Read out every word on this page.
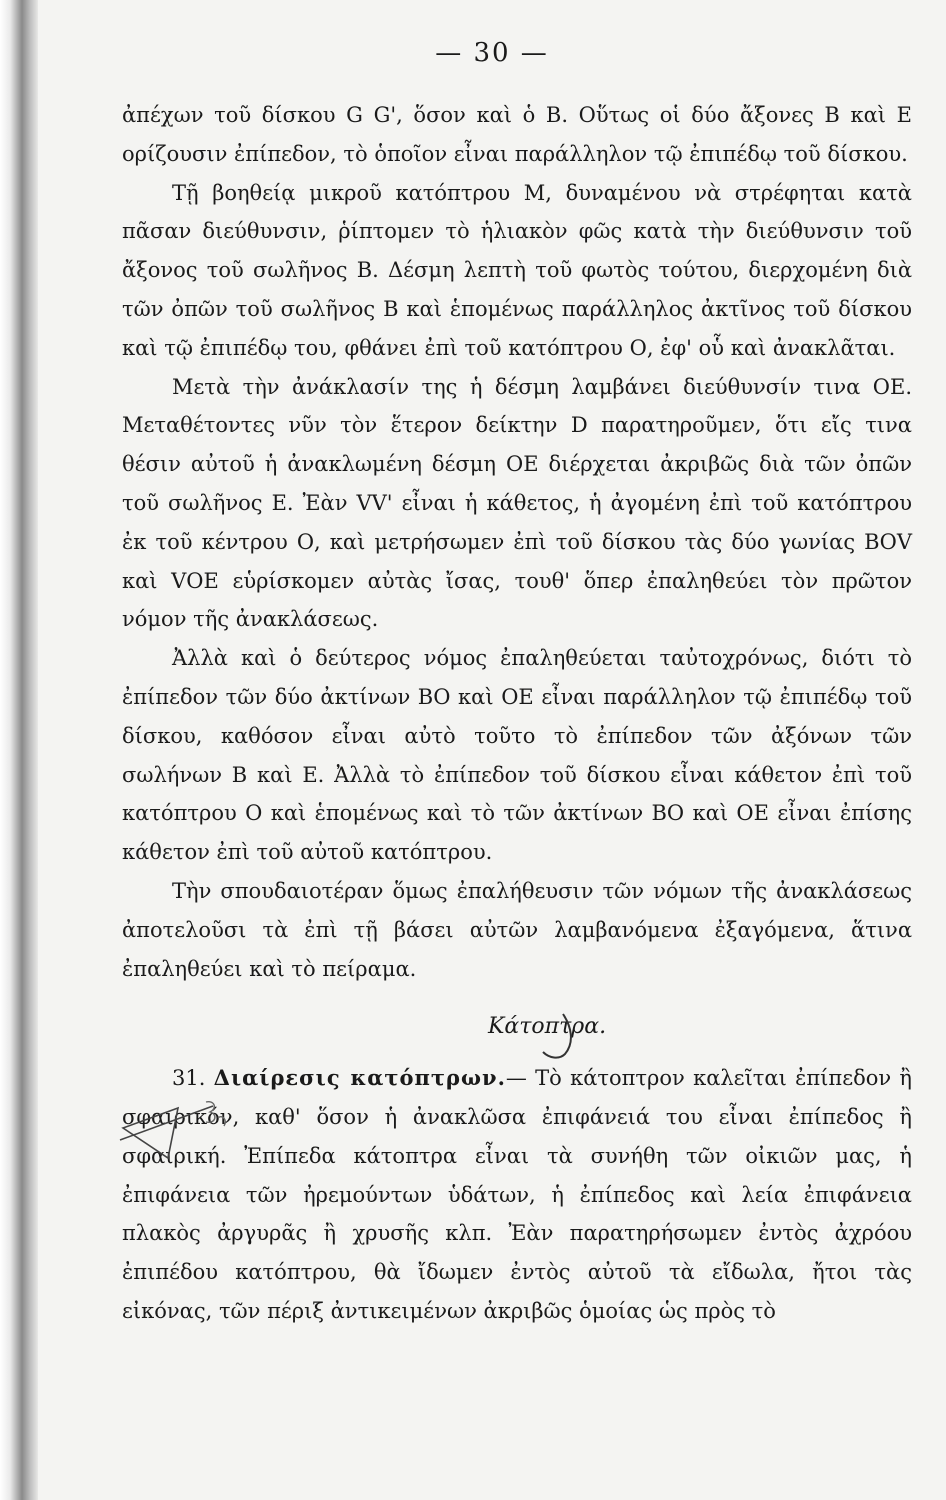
— 30 —

ἀπέχων τοῦ δίσκου G G', ὅσον καὶ ὁ Β. Οὕτως οἱ δύο ἄξονες Β καὶ Ε ορίζουσιν ἐπίπεδον, τὸ ὁποῖον εἶναι παράλληλον τῷ ἐπιπέδῳ τοῦ δίσκου.

Τῇ βοηθείᾳ μικροῦ κατόπτρου Μ, δυναμένου νὰ στρέφηται κατὰ πᾶσαν διεύθυνσιν, ῥίπτομεν τὸ ἡλιακὸν φῶς κατὰ τὴν διεύθυνσιν τοῦ ἄξονος τοῦ σωλῆνος Β. Δέσμη λεπτὴ τοῦ φωτὸς τούτου, διερχομένη διὰ τῶν ὀπῶν τοῦ σωλῆνος Β καὶ ἑπομένως παράλληλος ἀκτῖνος τοῦ δίσκου καὶ τῷ ἐπιπέδῳ του, φθάνει ἐπὶ τοῦ κατόπτρου Ο, ἐφ' οὗ καὶ ἀνακλᾶται.

Μετὰ τὴν ἀνάκλασίν της ἡ δέσμη λαμβάνει διεύθυνσίν τινα ΟΕ. Μεταθέτοντες νῦν τὸν ἕτερον δείκτην D παρατηροῦμεν, ὅτι εἴς τινα θέσιν αὐτοῦ ἡ ἀνακλωμένη δέσμη ΟΕ διέρχεται ἀκριβῶς διὰ τῶν ὀπῶν τοῦ σωλῆνος Ε. Ἐὰν VV' εἶναι ἡ κάθετος, ἡ ἀγομένη ἐπὶ τοῦ κατόπτρου ἐκ τοῦ κέντρου Ο, καὶ μετρήσωμεν ἐπὶ τοῦ δίσκου τὰς δύο γωνίας ΒΟV καὶ VΟΕ εὑρίσκομεν αὐτὰς ἴσας, τουθ' ὅπερ ἐπαληθεύει τὸν πρῶτον νόμον τῆς ἀνακλάσεως.

Ἀλλὰ καὶ ὁ δεύτερος νόμος ἐπαληθεύεται ταὐτοχρόνως, διότι τὸ ἐπίπεδον τῶν δύο ἀκτίνων ΒΟ καὶ ΟΕ εἶναι παράλληλον τῷ ἐπιπέδῳ τοῦ δίσκου, καθόσον εἶναι αὐτὸ τοῦτο τὸ ἐπίπεδον τῶν ἀξόνων τῶν σωλήνων Β καὶ Ε. Ἀλλὰ τὸ ἐπίπεδον τοῦ δίσκου εἶναι κάθετον ἐπὶ τοῦ κατόπτρου Ο καὶ ἑπομένως καὶ τὸ τῶν ἀκτίνων ΒΟ καὶ ΟΕ εἶναι ἐπίσης κάθετον ἐπὶ τοῦ αὐτοῦ κατόπτρου.

Τὴν σπουδαιοτέραν ὅμως ἐπαλήθευσιν τῶν νόμων τῆς ἀνακλάσεως ἀποτελοῦσι τὰ ἐπὶ τῇ βάσει αὐτῶν λαμβανόμενα ἐξαγόμενα, ἅτινα ἐπαληθεύει καὶ τὸ πείραμα.

Κάτοπτρα.

31. Διαίρεσις κατόπτρων.— Τὸ κάτοπτρον καλεῖται ἐπίπεδον ἢ σφαιρικόν, καθ' ὅσον ἡ ἀνακλῶσα ἐπιφάνειά του εἶναι ἐπίπεδος ἢ σφαιρική. Ἐπίπεδα κάτοπτρα εἶναι τὰ συνήθη τῶν οἰκιῶν μας, ἡ ἐπιφάνεια τῶν ἠρεμούντων ὑδάτων, ἡ ἐπίπεδος καὶ λεία ἐπιφάνεια πλακὸς ἀργυρᾶς ἢ χρυσῆς κλπ. Ἐὰν παρατηρήσωμεν ἐντὸς ἀχρόου ἐπιπέδου κατόπτρου, θὰ ἴδωμεν ἐντὸς αὐτοῦ τὰ εἴδωλα, ἤτοι τὰς εἰκόνας, τῶν πέριξ ἀντικειμένων ἀκριβῶς ὁμοίας ὡς πρὸς τὸ
